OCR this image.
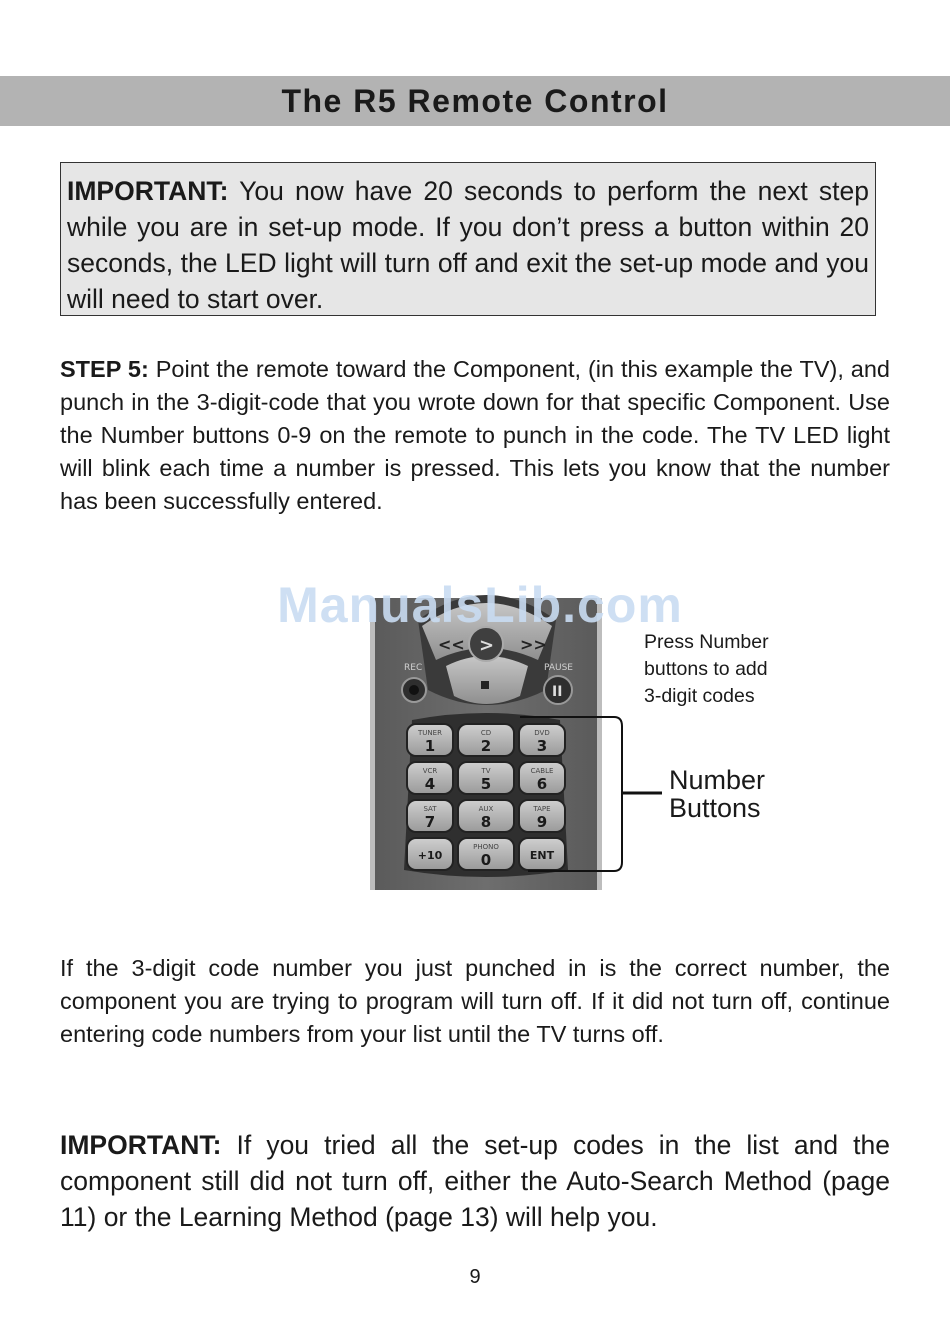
The R5 Remote Control
IMPORTANT: You now have 20 seconds to perform the next step while you are in set-up mode. If you don’t press a button within 20 seconds, the LED light will turn off and exit the set-up mode and you will need to start over.
STEP 5: Point the remote toward the Component, (in this example the TV), and punch in the 3-digit-code that you wrote down for that specific Component. Use the Number buttons 0-9 on the remote to punch in the code. The TV LED light will blink each time a number is pressed. This lets you know that the number has been successfully entered.
<<	>>
>
REC	PAUSE
II
TUNER
1
CD
2
DVD
3
VCR
4
TV
5
CABLE
6
SAT
7
AUX
8
TAPE
9
+10
PHONO
0	ENT
ManualsLib.com
Press Number
buttons to add
3-digit codes
Number
Buttons
If the 3-digit code number you just punched in is the correct number, the component you are trying to program will turn off. If it did not turn off, continue entering code numbers from your list until the TV turns off.
IMPORTANT: If you tried all the set-up codes in the list and the component still did not turn off, either the Auto-Search Method (page 11) or the Learning Method (page 13) will help you.
9
